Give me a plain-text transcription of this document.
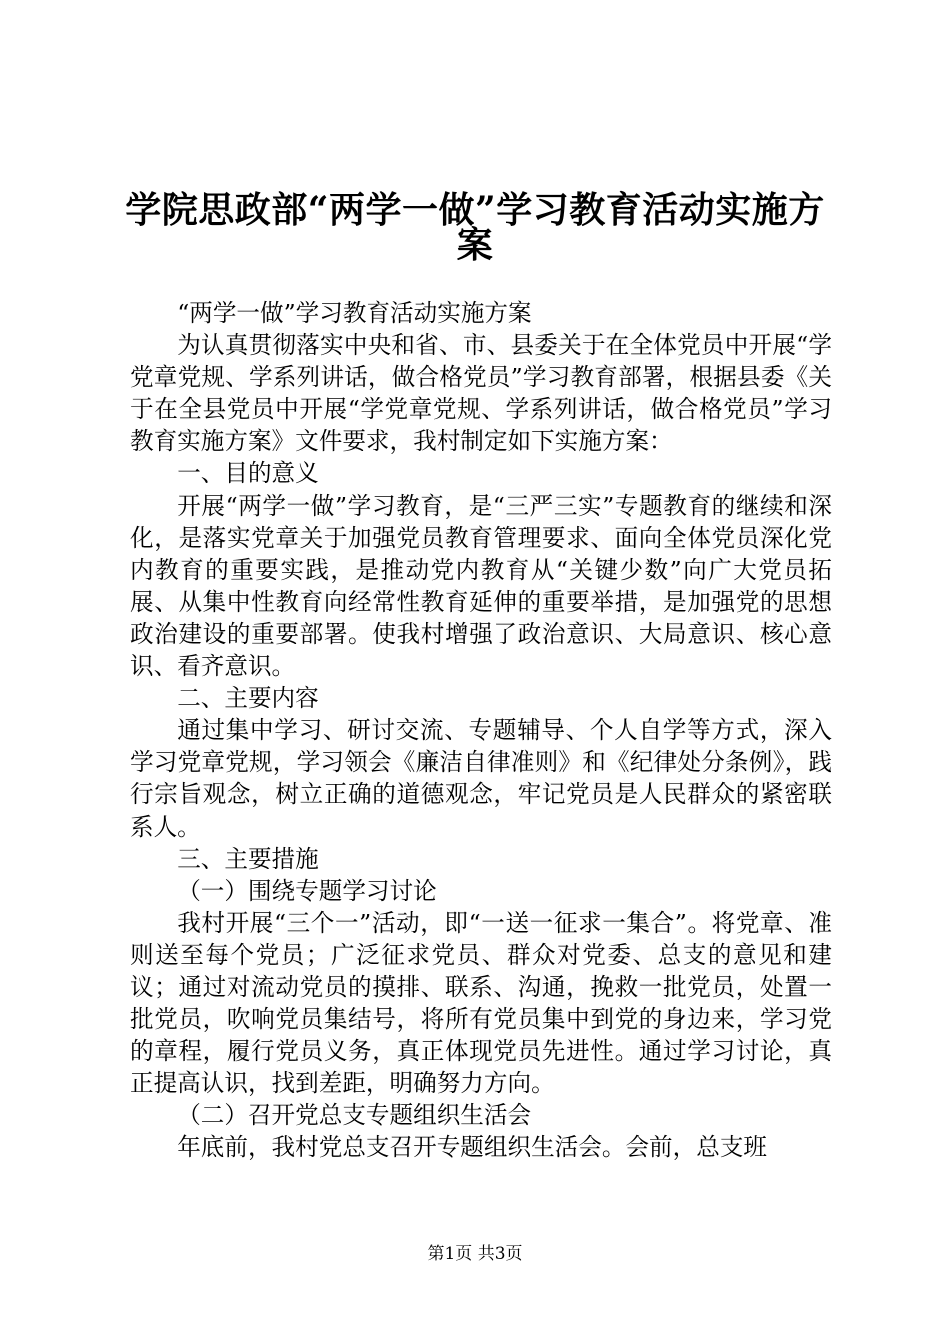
学院思政部“两学一做”学习教育活动实施方
案

“两学一做”学习教育活动实施方案

为认真贯彻落实中央和省、市、县委关于在全体党员中开展“学党章党规、学系列讲话，做合格党员”学习教育部署，根据县委《关于在全县党员中开展“学党章党规、学系列讲话，做合格党员”学习教育实施方案》文件要求，我村制定如下实施方案：

一、目的意义

开展“两学一做”学习教育，是“三严三实”专题教育的继续和深化，是落实党章关于加强党员教育管理要求、面向全体党员深化党内教育的重要实践，是推动党内教育从“关键少数”向广大党员拓展、从集中性教育向经常性教育延伸的重要举措，是加强党的思想政治建设的重要部署。使我村增强了政治意识、大局意识、核心意识、看齐意识。

二、主要内容

通过集中学习、研讨交流、专题辅导、个人自学等方式，深入学习党章党规，学习领会《廉洁自律准则》和《纪律处分条例》，践行宗旨观念，树立正确的道德观念，牢记党员是人民群众的紧密联系人。

三、主要措施

（一）围绕专题学习讨论

我村开展“三个一”活动，即“一送一征求一集合”。将党章、准则送至每个党员；广泛征求党员、群众对党委、总支的意见和建议；通过对流动党员的摸排、联系、沟通，挽救一批党员，处置一批党员，吹响党员集结号，将所有党员集中到党的身边来，学习党的章程，履行党员义务，真正体现党员先进性。通过学习讨论，真正提高认识，找到差距，明确努力方向。

（二）召开党总支专题组织生活会

年底前，我村党总支召开专题组织生活会。会前，总支班

第1页 共3页
